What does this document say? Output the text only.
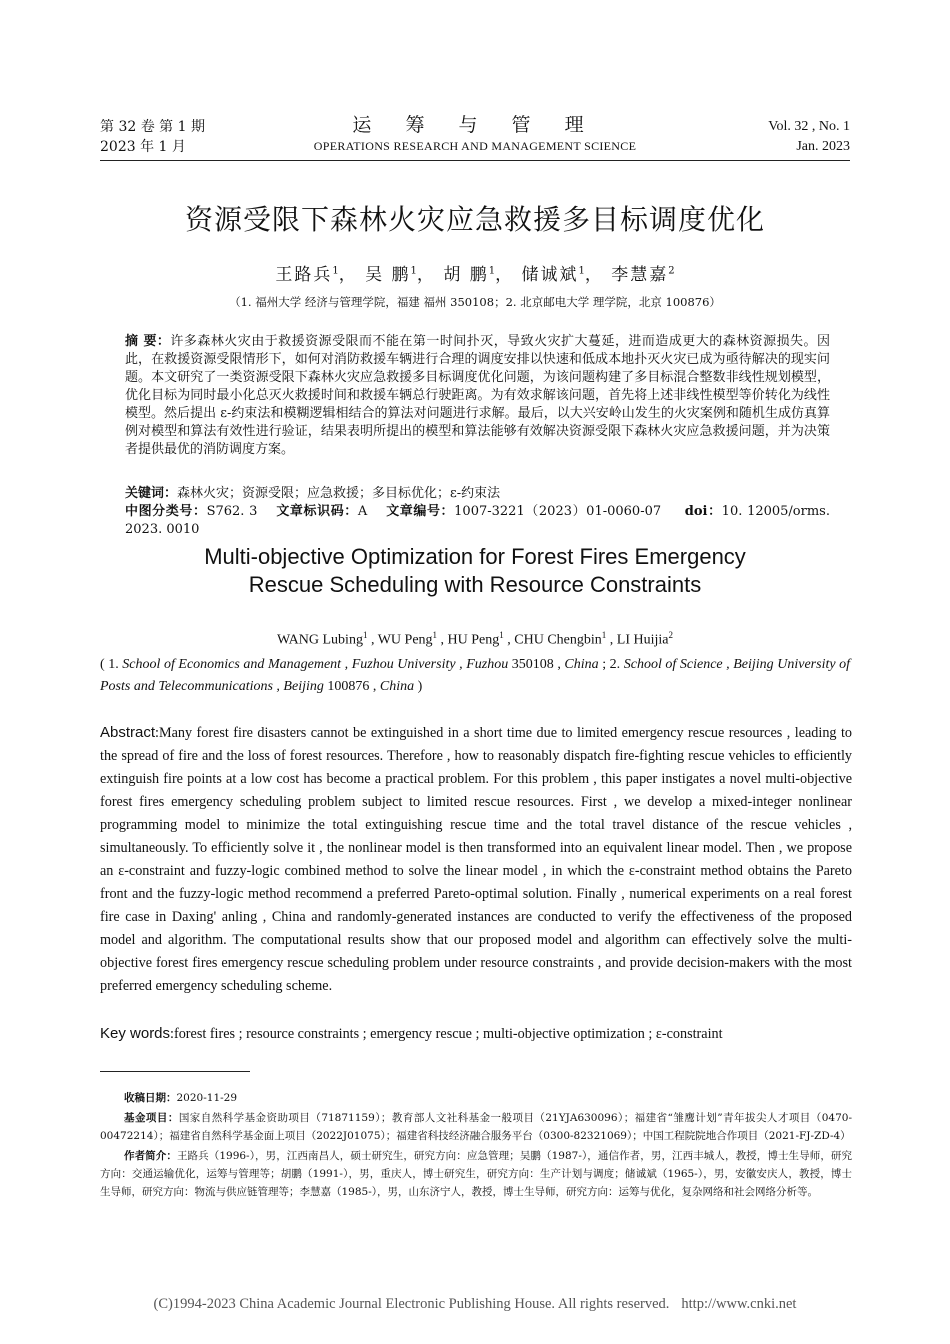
第 32 卷 第 1 期
2023 年 1 月
运 筹 与 管 理
OPERATIONS RESEARCH AND MANAGEMENT SCIENCE
Vol. 32 , No. 1
Jan. 2023
资源受限下森林火灾应急救援多目标调度优化
王路兵$^1$， 吴 鹏$^1$， 胡 鹏$^1$， 储诚斌$^1$， 李慧嘉$^2$
（1. 福州大学 经济与管理学院，福建 福州 350108；2. 北京邮电大学 理学院，北京 100876）
摘 要：许多森林火灾由于救援资源受限而不能在第一时间扑灭，导致火灾扩大蔓延，进而造成更大的森林资源损失。因此，在救援资源受限情形下，如何对消防救援车辆进行合理的调度安排以快速和低成本地扑灭火灾已成为亟待解决的现实问题。本文研究了一类资源受限下森林火灾应急救援多目标调度优化问题，为该问题构建了多目标混合整数非线性规划模型，优化目标为同时最小化总灭火救援时间和救援车辆总行驶距离。为有效求解该问题，首先将上述非线性模型等价转化为线性模型。然后提出 ε-约束法和模糊逻辑相结合的算法对问题进行求解。最后，以大兴安岭山发生的火灾案例和随机生成仿真算例对模型和算法有效性进行验证，结果表明所提出的模型和算法能够有效解决资源受限下森林火灾应急救援问题，并为决策者提供最优的消防调度方案。
关键词：森林火灾；资源受限；应急救援；多目标优化；ε-约束法
中图分类号：S762. 3 文章标识码：A 文章编号：1007-3221（2023）01-0060-07 doi：10. 12005/orms. 2023. 0010
Multi-objective Optimization for Forest Fires Emergency
Rescue Scheduling with Resource Constraints
WANG Lubing$^1$ , WU Peng$^1$ , HU Peng$^1$ , CHU Chengbin$^1$ , LI Huijia$^2$
( 1. School of Economics and Management , Fuzhou University , Fuzhou 350108 , China ; 2. School of Science , Beijing University of Posts and Telecommunications , Beijing 100876 , China )
Abstract:Many forest fire disasters cannot be extinguished in a short time due to limited emergency rescue resources , leading to the spread of fire and the loss of forest resources. Therefore , how to reasonably dispatch fire-fighting rescue vehicles to efficiently extinguish fire points at a low cost has become a practical problem. For this problem , this paper instigates a novel multi-objective forest fires emergency scheduling problem subject to limited rescue resources. First , we develop a mixed-integer nonlinear programming model to minimize the total extinguishing rescue time and the total travel distance of the rescue vehicles , simultaneously. To efficiently solve it , the nonlinear model is then transformed into an equivalent linear model. Then , we propose an ε-constraint and fuzzy-logic combined method to solve the linear model , in which the ε-constraint method obtains the Pareto front and the fuzzy-logic method recommend a preferred Pareto-optimal solution. Finally , numerical experiments on a real forest fire case in Daxing' anling , China and randomly-generated instances are conducted to verify the effectiveness of the proposed model and algorithm. The computational results show that our proposed model and algorithm can effectively solve the multi-objective forest fires emergency rescue scheduling problem under resource constraints , and provide decision-makers with the most preferred emergency scheduling scheme.
Key words:forest fires ; resource constraints ; emergency rescue ; multi-objective optimization ; ε-constraint

收稿日期：2020-11-29

基金项目：国家自然科学基金资助项目（71871159）；教育部人文社科基金一般项目（21YJA630096）；福建省“雏鹰计划”青年拔尖人才项目（0470-00472214）；福建省自然科学基金面上项目（2022J01075）；福建省科技经济融合服务平台（0300-82321069）；中国工程院院地合作项目（2021-FJ-ZD-4）

作者简介：王路兵（1996-），男，江西南昌人，硕士研究生，研究方向：应急管理；吴鹏（1987-），通信作者，男，江西丰城人，教授，博士生导师，研究方向：交通运输优化，运筹与管理等；胡鹏（1991-），男，重庆人，博士研究生，研究方向：生产计划与调度；储诚斌（1965-），男，安徽安庆人，教授，博士生导师，研究方向：物流与供应链管理等；李慧嘉（1985-），男，山东济宁人，教授，博士生导师，研究方向：运筹与优化，复杂网络和社会网络分析等。

(C)1994-2023 China Academic Journal Electronic Publishing House. All rights reserved. http://www.cnki.net
